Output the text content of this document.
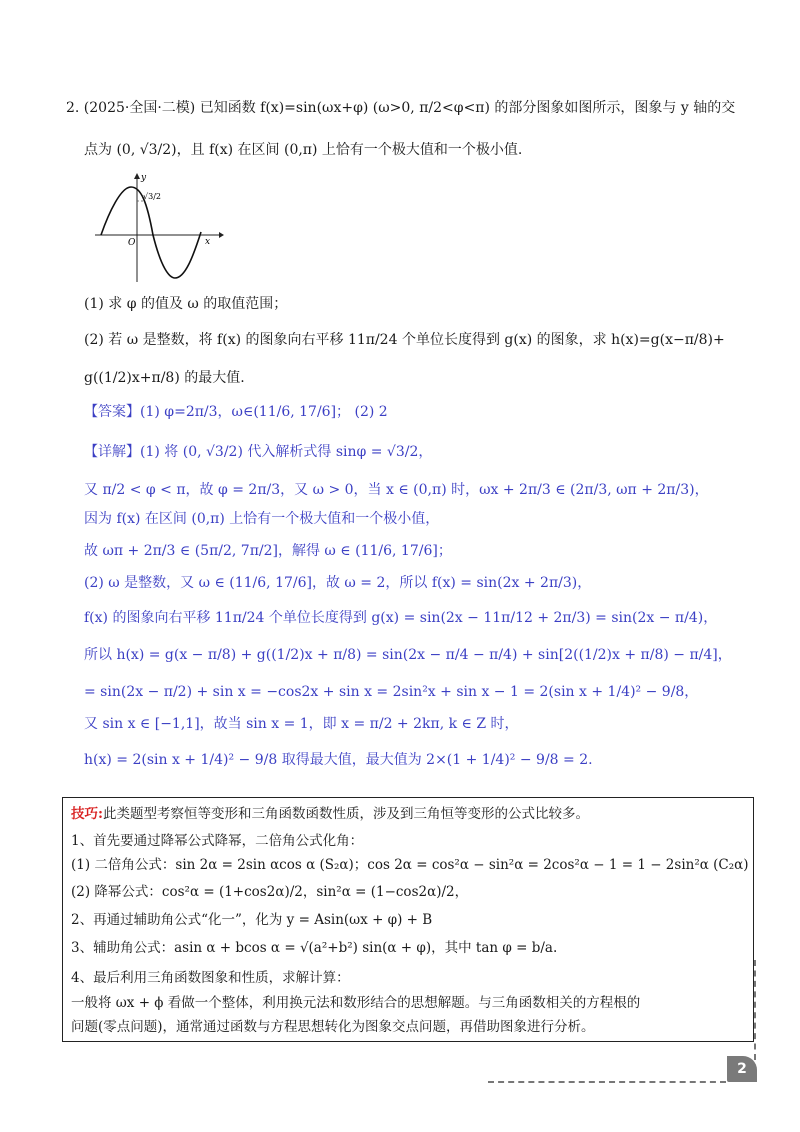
2. (2025·全国·二模) 已知函数 f(x)=sin(ωx+φ) (ω>0, π/2<φ<π) 的部分图象如图所示，图象与 y 轴的交
点为 (0, √3/2)，且 f(x) 在区间 (0,π) 上恰有一个极大值和一个极小值.
y
x
O
√3/2
(1) 求 φ 的值及 ω 的取值范围；
(2) 若 ω 是整数，将 f(x) 的图象向右平移 11π/24 个单位长度得到 g(x) 的图象，求 h(x)=g(x−π/8)+
g((1/2)x+π/8) 的最大值.
【答案】(1) φ=2π/3，ω∈(11/6, 17/6]； (2) 2
【详解】(1) 将 (0, √3/2) 代入解析式得 sinφ = √3/2，
又 π/2 < φ < π，故 φ = 2π/3，又 ω > 0，当 x ∈ (0,π) 时，ωx + 2π/3 ∈ (2π/3, ωπ + 2π/3)，
因为 f(x) 在区间 (0,π) 上恰有一个极大值和一个极小值，
故 ωπ + 2π/3 ∈ (5π/2, 7π/2]，解得 ω ∈ (11/6, 17/6]；
(2) ω 是整数，又 ω ∈ (11/6, 17/6]，故 ω = 2，所以 f(x) = sin(2x + 2π/3)，
f(x) 的图象向右平移 11π/24 个单位长度得到 g(x) = sin(2x − 11π/12 + 2π/3) = sin(2x − π/4)，
所以 h(x) = g(x − π/8) + g((1/2)x + π/8) = sin(2x − π/4 − π/4) + sin[2((1/2)x + π/8) − π/4]，
= sin(2x − π/2) + sin x = −cos2x + sin x = 2sin²x + sin x − 1 = 2(sin x + 1/4)² − 9/8，
又 sin x ∈ [−1,1]，故当 sin x = 1，即 x = π/2 + 2kπ, k ∈ Z 时，
h(x) = 2(sin x + 1/4)² − 9/8 取得最大值，最大值为 2×(1 + 1/4)² − 9/8 = 2.
技巧:此类题型考察恒等变形和三角函数函数性质，涉及到三角恒等变形的公式比较多。
1、首先要通过降幂公式降幂，二倍角公式化角：
(1) 二倍角公式：sin 2α = 2sin αcos α (S₂α)；cos 2α = cos²α − sin²α = 2cos²α − 1 = 1 − 2sin²α (C₂α)
(2) 降幂公式：cos²α = (1+cos2α)/2，sin²α = (1−cos2α)/2，
2、再通过辅助角公式“化一”，化为 y = Asin(ωx + φ) + B
3、辅助角公式：asin α + bcos α = √(a²+b²) sin(α + φ)，其中 tan φ = b/a.
4、最后利用三角函数图象和性质，求解计算：
一般将 ωx + ϕ 看做一个整体，利用换元法和数形结合的思想解题。与三角函数相关的方程根的
问题(零点问题)，通常通过函数与方程思想转化为图象交点问题，再借助图象进行分析。
2
